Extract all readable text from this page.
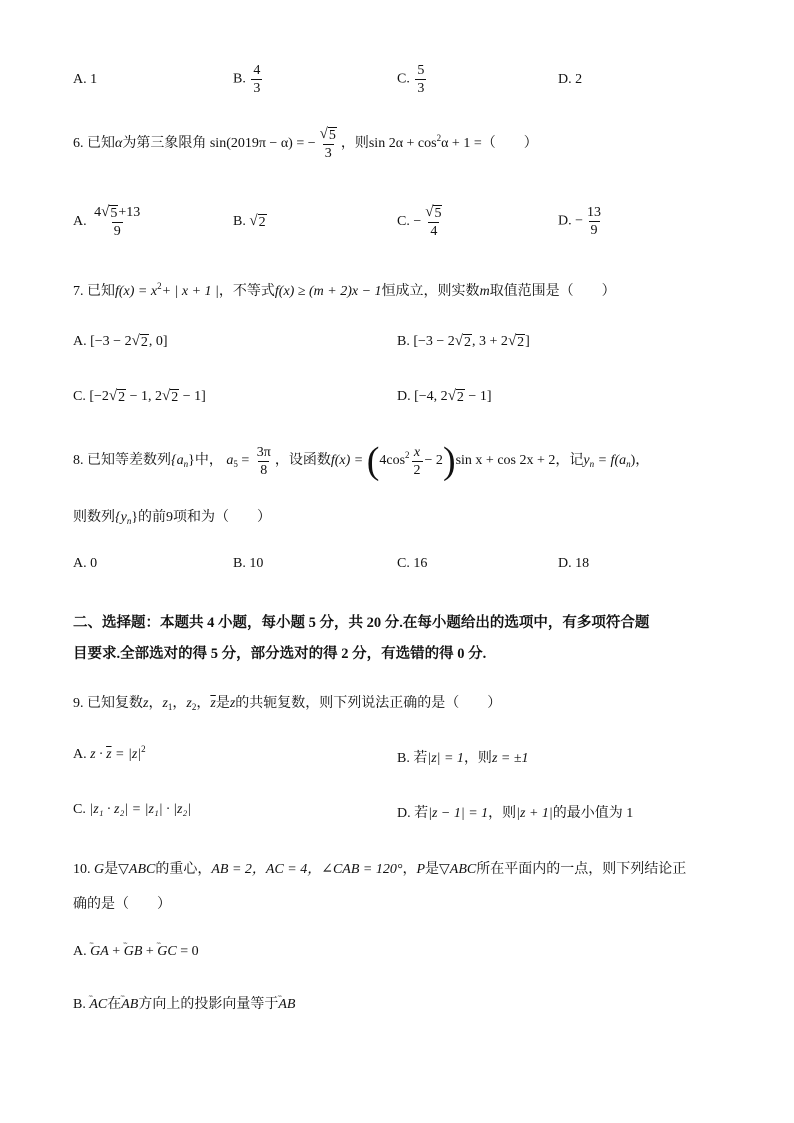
A. 1	B. $\frac{4}{3}$	C. $\frac{5}{3}$	D. 2
6. 已知α为第三象限角 sin(2019π − α) = − $\frac{√ 5}{3}$ ，则$\sin 2\alpha + \cos^2\alpha + 1$ =（　　）
A. $\frac{4 √ 5 +13}{9}$	B. √ 2	C. − $\frac{√ 5}{4}$	D. − $\frac{13}{9}$
7. 已知$f(x) = x^2+$ | x + 1 |，不等式f(x) ≥ (m + 2)x − 1恒成立，则实数m取值范围是（　　）
A. [−3 − 2 √ 2 , 0]	B. [−3 − 2 √ 2 , 3 + 2 √ 2 ]
C. [−2 √ 2 − 1, 2 √ 2 − 1]	D. [−4, 2 √ 2 − 1]
8. 已知等差数列$\{a_n\}$中， $a_5 = \frac{3\pi}{8}$ ，设函数$f(x) = (4\cos^2 \frac{x}{2} - 2)\sin$ x + cos 2x + 2，记$y_n = f(a_n)$，
则数列$\{y_n\}$的前9项和为（　　）
A. 0	B. 10	C. 16	D. 18
二、选择题：本题共 4 小题，每小题 5 分，共 20 分.在每小题给出的选项中，有多项符合题
目要求.全部选对的得 5 分，部分选对的得 2 分，有选错的得 0 分.
9. 已知复数z，$z_1$，$z_2$，$\overline{z}$是z的共轭复数，则下列说法正确的是（　　）
A. $z \cdot \overline{z} = |z|^2$
B. 若|z| = 1，则z = ±1
C. |z₁ · z₂| = |z₁| · |z₂|	D. 若|z − 1| = 1，则|z + 1|的最小值为 1
10. G是▽ABC的重心，AB = 2，AC = 4，∠CAB = 120°，P是▽ABC所在平面内的一点，则下列结论正
确的是（　　）
A. ˷˷ GA + ˷˷ GB + ˷˷ GC = 0
B. ˷˷ AC在˷˷ AB方向上的投影向量等于˷˷ AB
